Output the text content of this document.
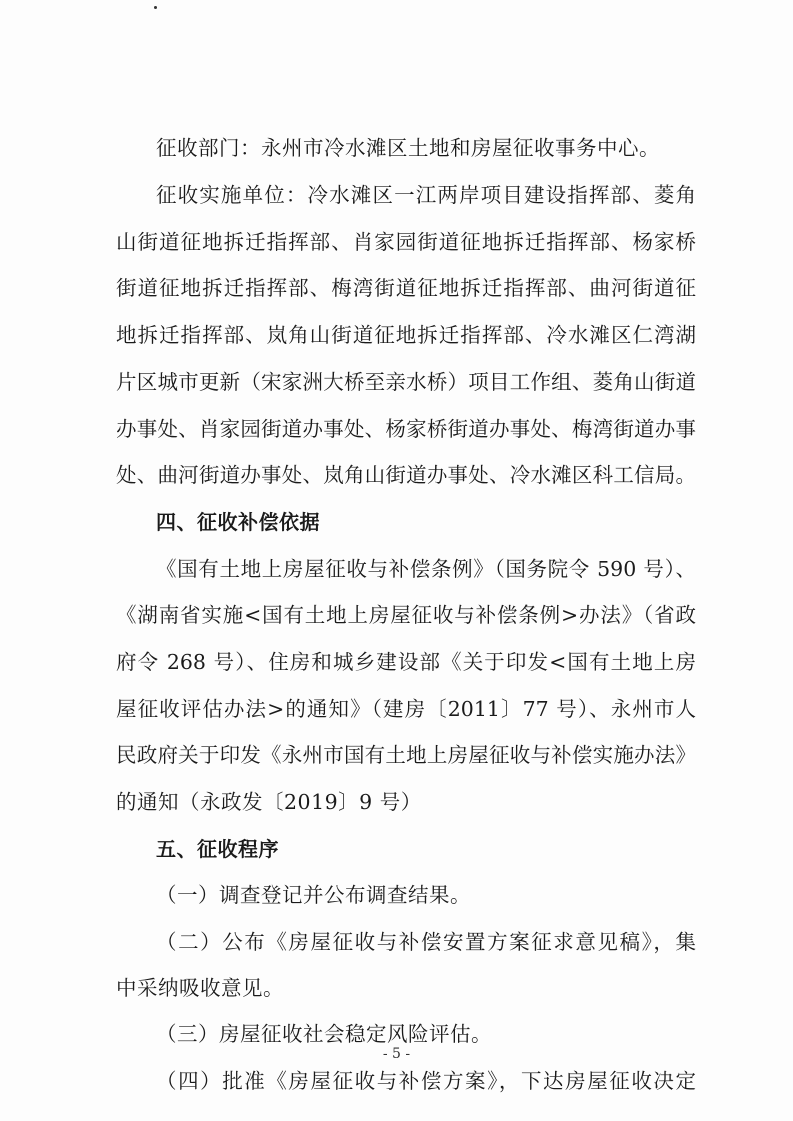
征收部门：永州市冷水滩区土地和房屋征收事务中心。
征收实施单位：冷水滩区一江两岸项目建设指挥部、菱角
山街道征地拆迁指挥部、肖家园街道征地拆迁指挥部、杨家桥
街道征地拆迁指挥部、梅湾街道征地拆迁指挥部、曲河街道征
地拆迁指挥部、岚角山街道征地拆迁指挥部、冷水滩区仁湾湖
片区城市更新（宋家洲大桥至亲水桥）项目工作组、菱角山街道
办事处、肖家园街道办事处、杨家桥街道办事处、梅湾街道办事
处、曲河街道办事处、岚角山街道办事处、冷水滩区科工信局。
四、征收补偿依据
《国有土地上房屋征收与补偿条例》（国务院令 590 号）、
《湖南省实施<国有土地上房屋征收与补偿条例>办法》（省政
府令 268 号）、住房和城乡建设部《关于印发<国有土地上房
屋征收评估办法>的通知》（建房〔2011〕77 号）、永州市人
民政府关于印发《永州市国有土地上房屋征收与补偿实施办法》
的通知（永政发〔2019〕9 号）
五、征收程序
（一）调查登记并公布调查结果。
（二）公布《房屋征收与补偿安置方案征求意见稿》，集
中采纳吸收意见。
（三）房屋征收社会稳定风险评估。
（四）批准《房屋征收与补偿方案》，下达房屋征收决定
- 5 -
